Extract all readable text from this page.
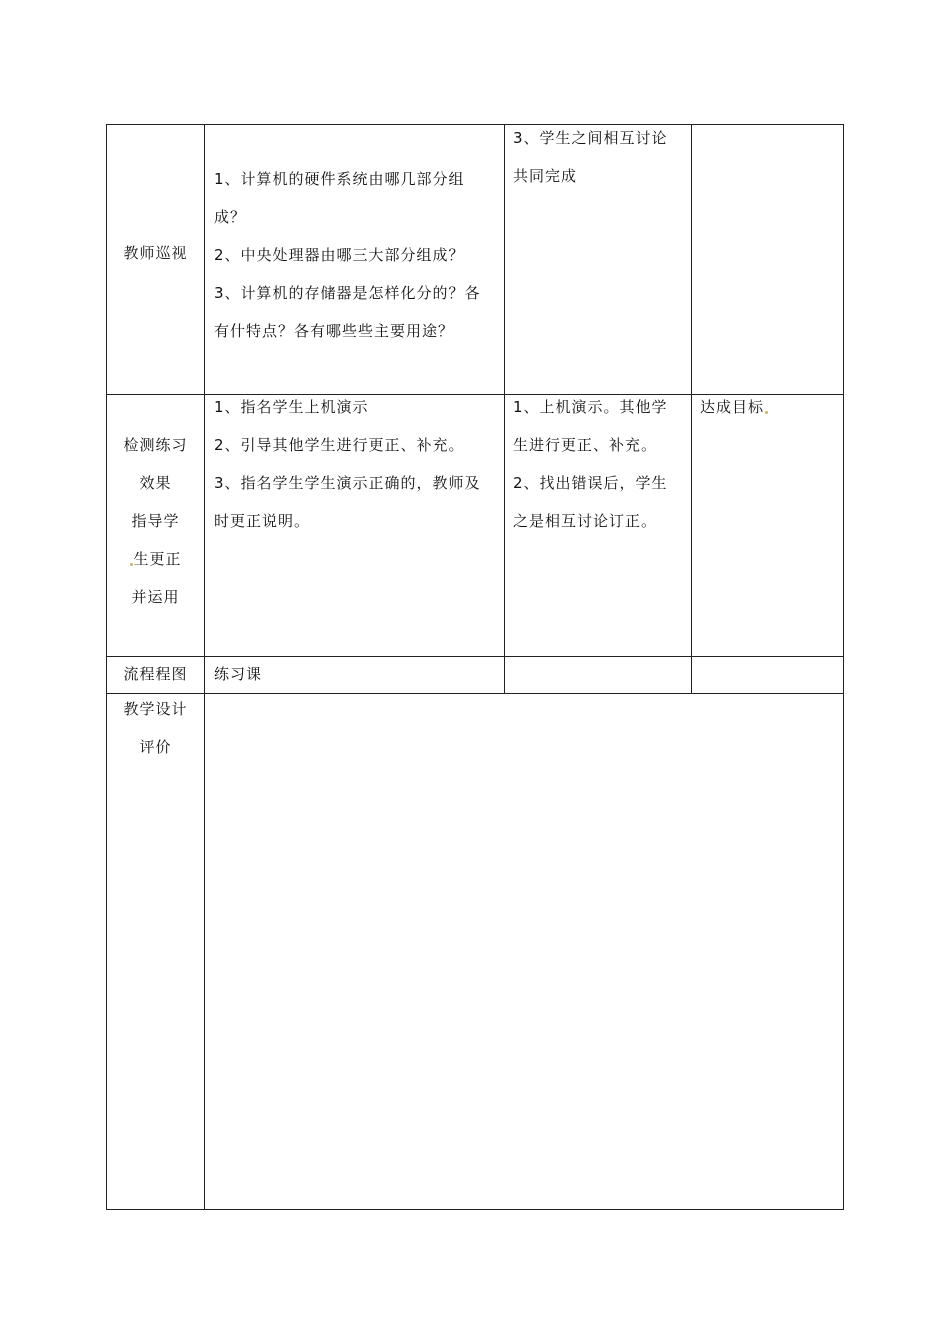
教师巡视

1、计算机的硬件系统由哪几部分组

成？

2、中央处理器由哪三大部分组成？

3、计算机的存储器是怎样化分的？各

有什特点？各有哪些些主要用途？

3、学生之间相互讨论

共同完成

检测练习

效果

指导学

生更正

并运用

1、指名学生上机演示

2、引导其他学生进行更正、补充。

3、指名学生学生演示正确的，教师及

时更正说明。

1、上机演示。其他学

生进行更正、补充。

2、找出错误后，学生

之是相互讨论订正。

达成目标

流程程图	练习课

教学设计

评价
